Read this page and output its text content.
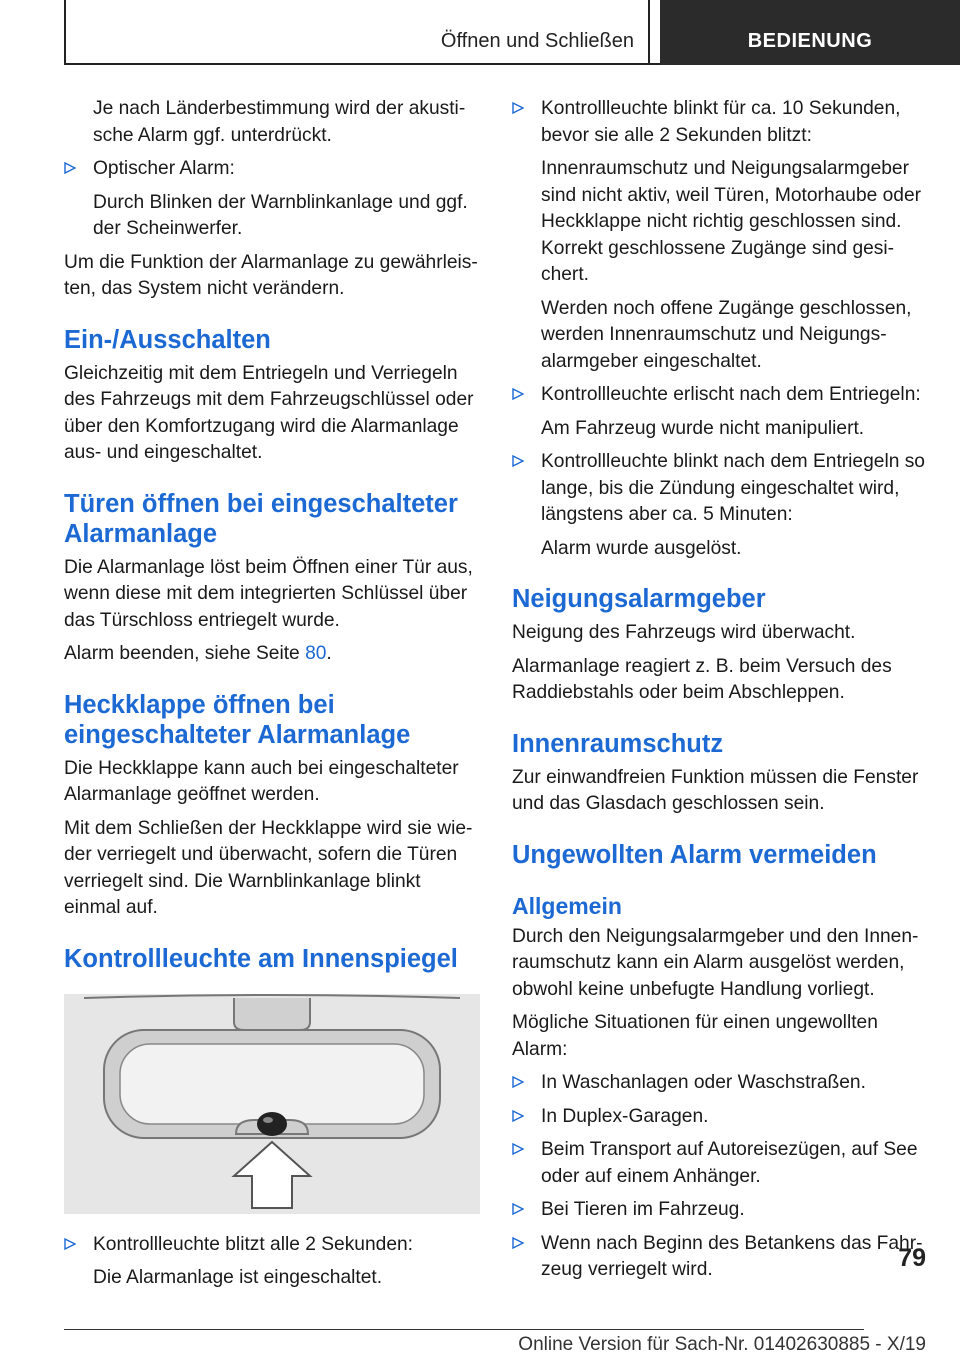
Öffnen und Schließen	BEDIENUNG

Je nach Länderbestimmung wird der akusti-sche Alarm ggf. unterdrückt.

Optischer Alarm:

Durch Blinken der Warnblinkanlage und ggf. der Scheinwerfer.

Um die Funktion der Alarmanlage zu gewährleis-ten, das System nicht verändern.

Ein-/Ausschalten

Gleichzeitig mit dem Entriegeln und Verriegeln des Fahrzeugs mit dem Fahrzeugschlüssel oder über den Komfortzugang wird die Alarmanlage aus- und eingeschaltet.

Türen öffnen bei eingeschalteter Alarmanlage

Die Alarmanlage löst beim Öffnen einer Tür aus, wenn diese mit dem integrierten Schlüssel über das Türschloss entriegelt wurde.

Alarm beenden, siehe Seite 80.

Heckklappe öffnen bei eingeschalteter Alarmanlage

Die Heckklappe kann auch bei eingeschalteter Alarmanlage geöffnet werden.

Mit dem Schließen der Heckklappe wird sie wie-der verriegelt und überwacht, sofern die Türen verriegelt sind. Die Warnblinkanlage blinkt einmal auf.

Kontrollleuchte am Innenspiegel

Kontrollleuchte blitzt alle 2 Sekunden:

Die Alarmanlage ist eingeschaltet.

Kontrollleuchte blinkt für ca. 10 Sekunden, bevor sie alle 2 Sekunden blitzt:

Innenraumschutz und Neigungsalarmgeber sind nicht aktiv, weil Türen, Motorhaube oder Heckklappe nicht richtig geschlossen sind. Korrekt geschlossene Zugänge sind gesi-chert.

Werden noch offene Zugänge geschlossen, werden Innenraumschutz und Neigungs-alarmgeber eingeschaltet.

Kontrollleuchte erlischt nach dem Entriegeln:

Am Fahrzeug wurde nicht manipuliert.

Kontrollleuchte blinkt nach dem Entriegeln so lange, bis die Zündung eingeschaltet wird, längstens aber ca. 5 Minuten:

Alarm wurde ausgelöst.

Neigungsalarmgeber

Neigung des Fahrzeugs wird überwacht.

Alarmanlage reagiert z. B. beim Versuch des Raddiebstahls oder beim Abschleppen.

Innenraumschutz

Zur einwandfreien Funktion müssen die Fenster und das Glasdach geschlossen sein.

Ungewollten Alarm vermeiden
Allgemein

Durch den Neigungsalarmgeber und den Innen-raumschutz kann ein Alarm ausgelöst werden, obwohl keine unbefugte Handlung vorliegt.

Mögliche Situationen für einen ungewollten Alarm:

In Waschanlagen oder Waschstraßen.

In Duplex-Garagen.

Beim Transport auf Autoreisezügen, auf See oder auf einem Anhänger.

Bei Tieren im Fahrzeug.

Wenn nach Beginn des Betankens das Fahr-zeug verriegelt wird.	79
Online Version für Sach-Nr. 01402630885 - X/19
